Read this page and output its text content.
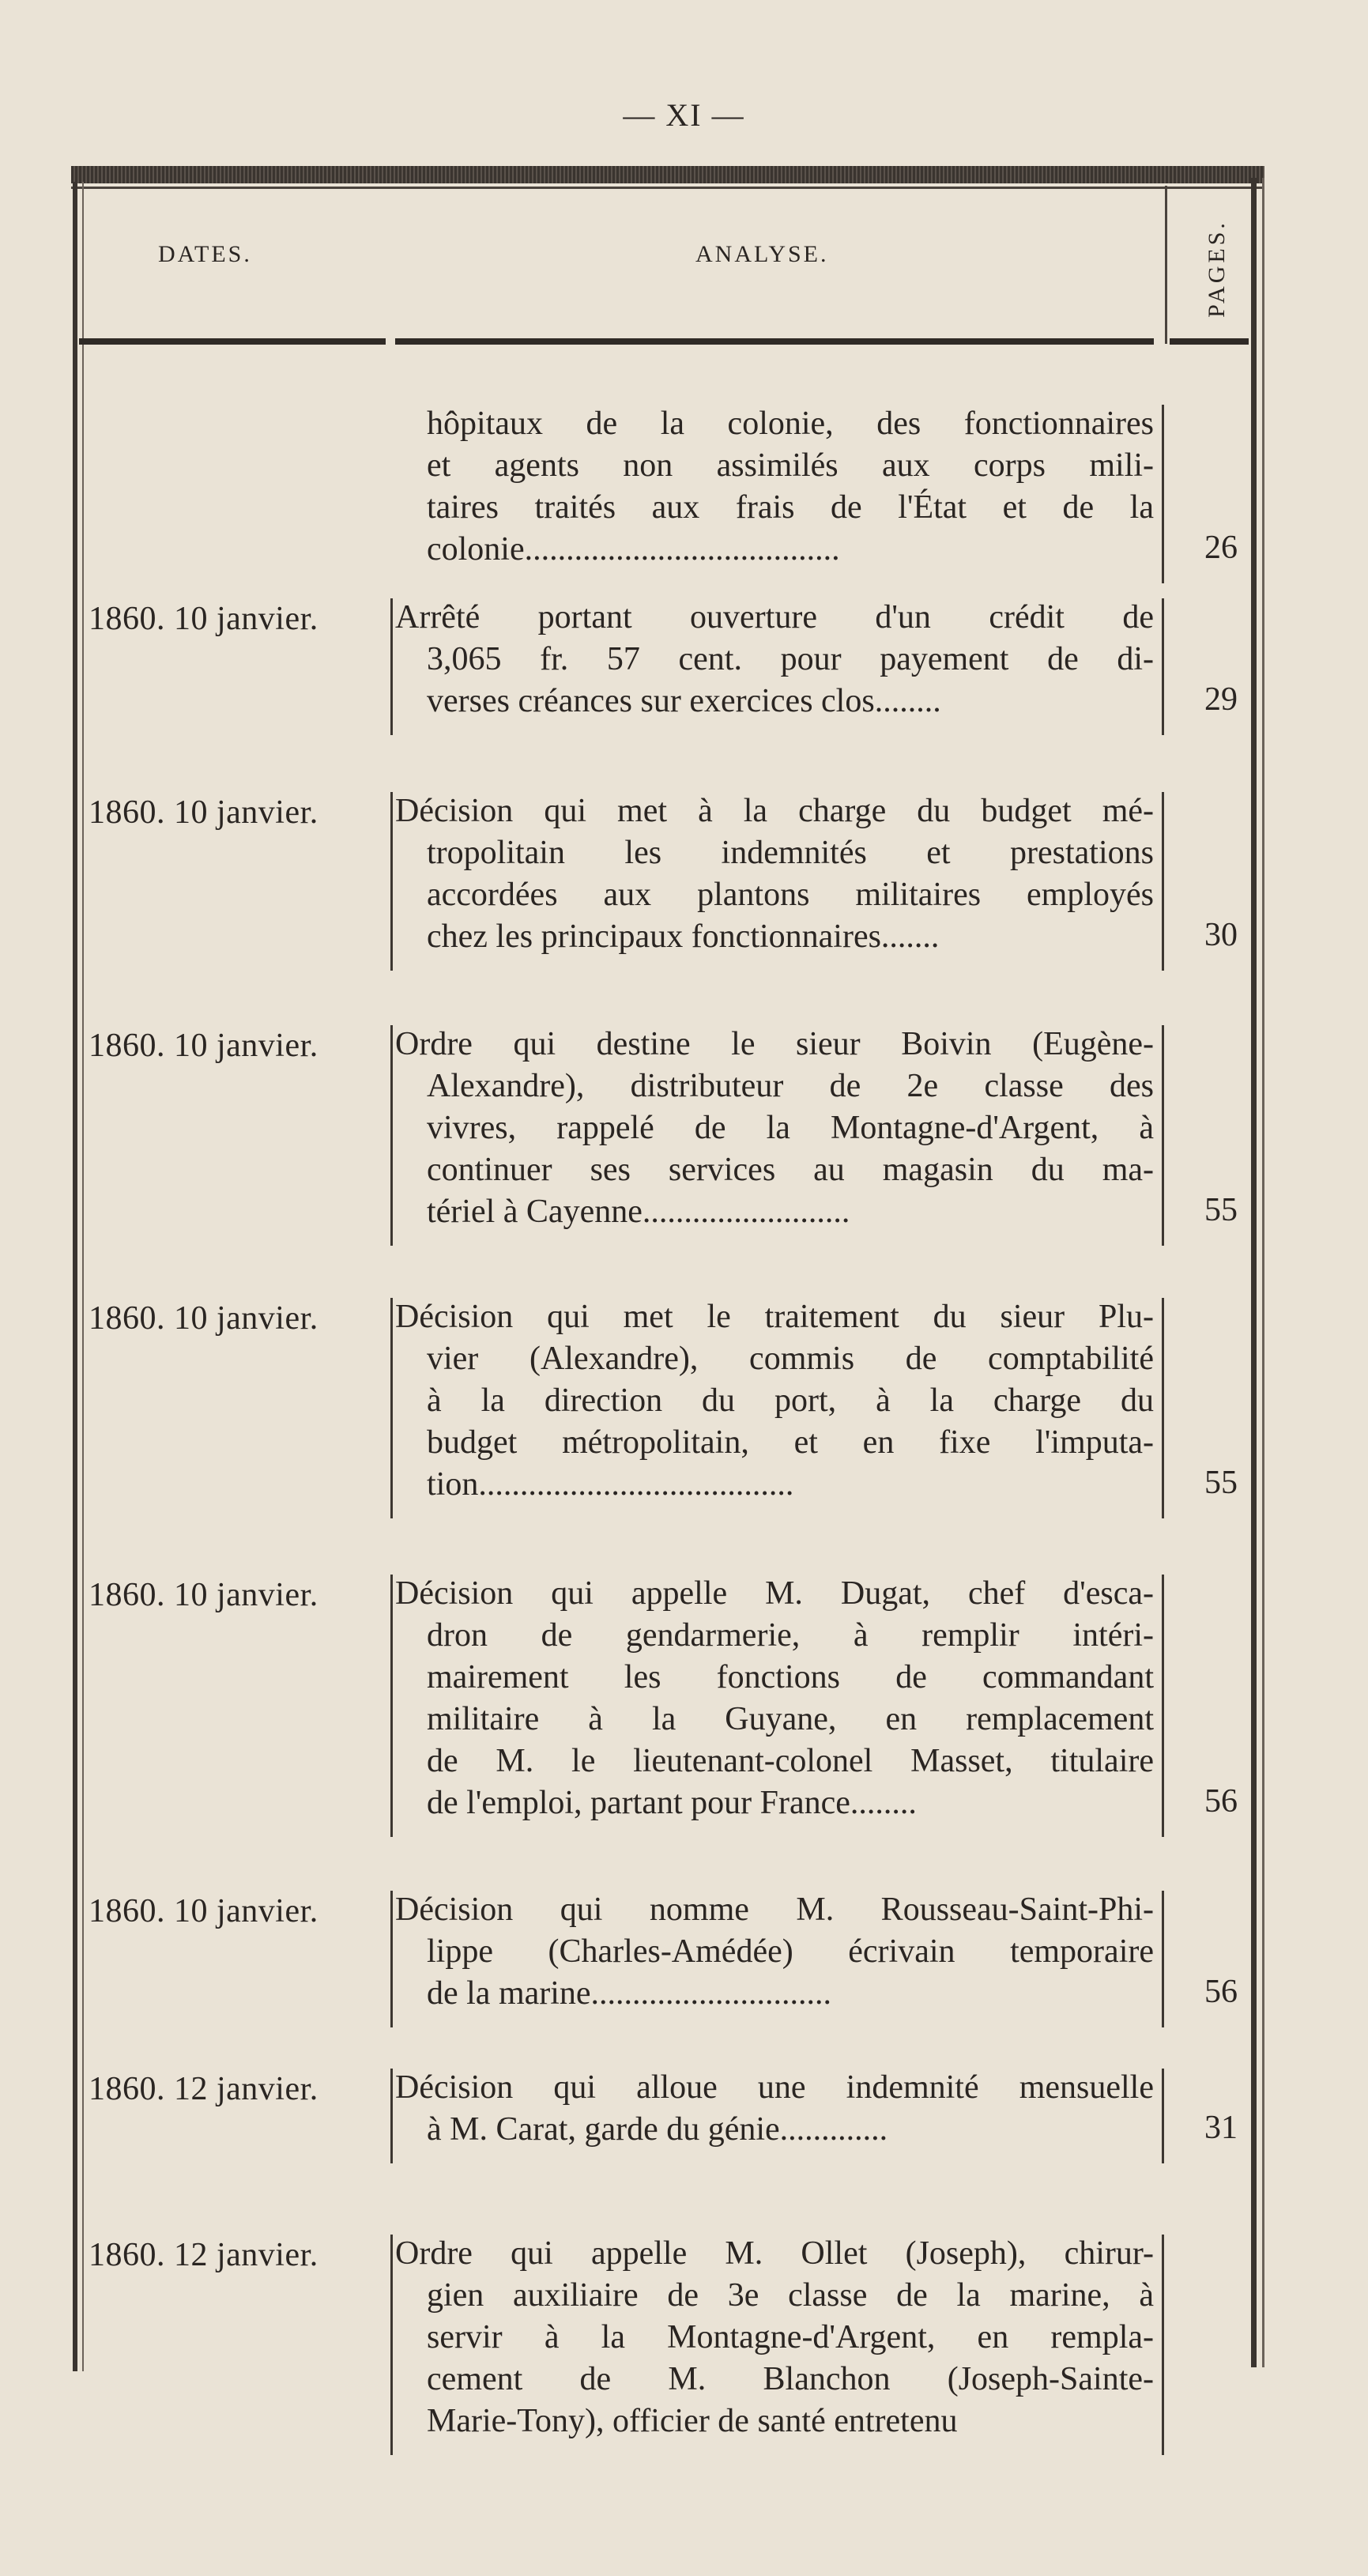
— XI —
DATES.	ANALYSE.	PAGES.
hôpitaux de la colonie, des fonctionnaires
et agents non assimilés aux corps mili-
taires traités aux frais de l'État et de la
colonie......................................	26
1860. 10 janvier. Arrêté portant ouverture d'un crédit de
3,065 fr. 57 cent. pour payement de di-
verses créances sur exercices clos........	29
1860. 10 janvier. Décision qui met à la charge du budget mé-
tropolitain les indemnités et prestations
accordées aux plantons militaires employés
chez les principaux fonctionnaires.......	30
1860. 10 janvier. Ordre qui destine le sieur Boivin (Eugène-
Alexandre), distributeur de 2e classe des
vivres, rappelé de la Montagne-d'Argent, à
continuer ses services au magasin du ma-
tériel à Cayenne.........................	55
1860. 10 janvier. Décision qui met le traitement du sieur Plu-
vier (Alexandre), commis de comptabilité
à la direction du port, à la charge du
budget métropolitain, et en fixe l'imputa-
tion......................................	55
1860. 10 janvier. Décision qui appelle M. Dugat, chef d'esca-
dron de gendarmerie, à remplir intéri-
mairement les fonctions de commandant
militaire à la Guyane, en remplacement
de M. le lieutenant-colonel Masset, titulaire
de l'emploi, partant pour France........	56
1860. 10 janvier. Décision qui nomme M. Rousseau-Saint-Phi-
lippe (Charles-Amédée) écrivain temporaire
de la marine.............................	56
1860. 12 janvier. Décision qui alloue une indemnité mensuelle
à M. Carat, garde du génie.............	31
1860. 12 janvier. Ordre qui appelle M. Ollet (Joseph), chirur-
gien auxiliaire de 3e classe de la marine, à
servir à la Montagne-d'Argent, en rempla-
cement de M. Blanchon (Joseph-Sainte-
Marie-Tony), officier de santé entretenu
